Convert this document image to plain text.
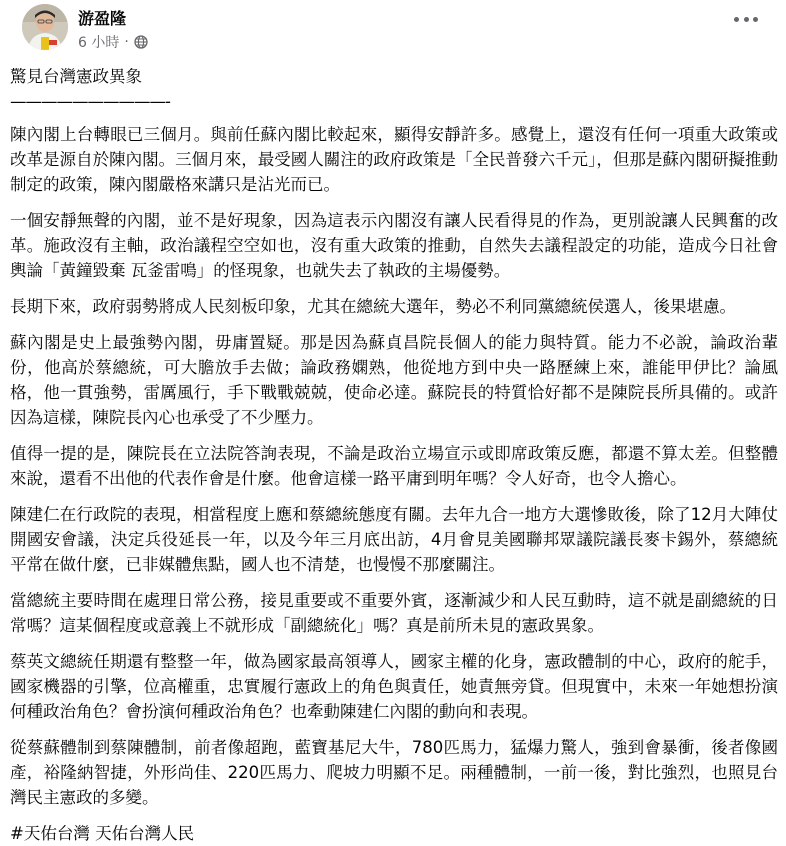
游盈隆
6 小時 ·

驚見台灣憲政異象

——————————-

陳內閣上台轉眼已三個月。與前任蘇內閣比較起來，顯得安靜許多。感覺上，還沒有任何一項重大政策或改革是源自於陳內閣。三個月來，最受國人關注的政府政策是「全民普發六千元」，但那是蘇內閣研擬推動制定的政策，陳內閣嚴格來講只是沾光而已。

一個安靜無聲的內閣，並不是好現象，因為這表示內閣沒有讓人民看得見的作為，更別說讓人民興奮的改革。施政沒有主軸，政治議程空空如也，沒有重大政策的推動，自然失去議程設定的功能，造成今日社會輿論「黃鐘毀棄 瓦釜雷鳴」的怪現象，也就失去了執政的主場優勢。

長期下來，政府弱勢將成人民刻板印象，尤其在總統大選年，勢必不利同黨總統侯選人，後果堪慮。

蘇內閣是史上最強勢內閣，毋庸置疑。那是因為蘇貞昌院長個人的能力與特質。能力不必說，論政治輩份，他高於蔡總統，可大膽放手去做；論政務嫻熟，他從地方到中央一路歷練上來，誰能甲伊比？論風格，他一貫強勢，雷厲風行，手下戰戰兢兢，使命必達。蘇院長的特質恰好都不是陳院長所具備的。或許因為這樣，陳院長內心也承受了不少壓力。

值得一提的是，陳院長在立法院答詢表現，不論是政治立場宣示或即席政策反應，都還不算太差。但整體來說，還看不出他的代表作會是什麼。他會這樣一路平庸到明年嗎？令人好奇，也令人擔心。

陳建仁在行政院的表現，相當程度上應和蔡總統態度有關。去年九合一地方大選慘敗後，除了12月大陣仗開國安會議，決定兵役延長一年，以及今年三月底出訪，4月會見美國聯邦眾議院議長麥卡錫外，蔡總統平常在做什麼，已非媒體焦點，國人也不清楚，也慢慢不那麼關注。

當總統主要時間在處理日常公務，接見重要或不重要外賓，逐漸減少和人民互動時，這不就是副總統的日常嗎？這某個程度或意義上不就形成「副總統化」嗎？真是前所未見的憲政異象。

蔡英文總統任期還有整整一年，做為國家最高領導人，國家主權的化身，憲政體制的中心，政府的舵手，國家機器的引擎，位高權重，忠實履行憲政上的角色與責任，她責無旁貸。但現實中，未來一年她想扮演何種政治角色？會扮演何種政治角色？也牽動陳建仁內閣的動向和表現。

從蔡蘇體制到蔡陳體制，前者像超跑，藍寶基尼大牛，780匹馬力，猛爆力驚人，強到會暴衝，後者像國產，裕隆納智捷，外形尚佳、220匹馬力、爬坡力明顯不足。兩種體制，一前一後，對比強烈，也照見台灣民主憲政的多變。

#天佑台灣 天佑台灣人民
